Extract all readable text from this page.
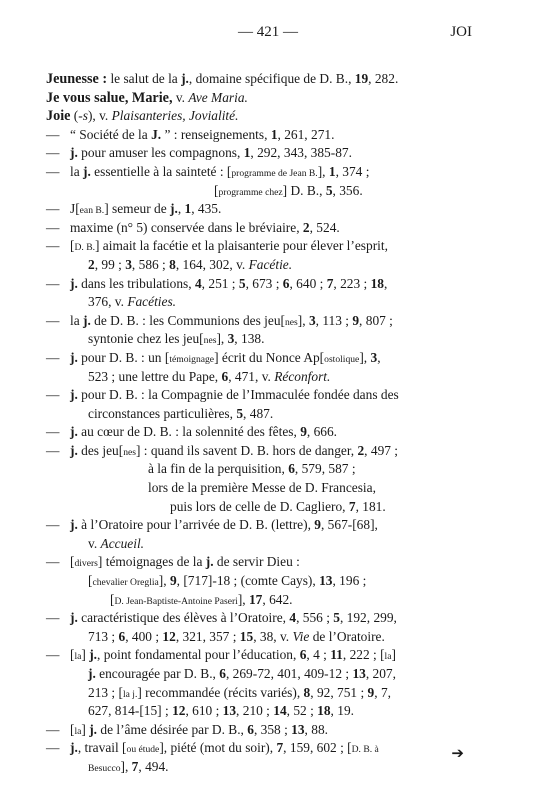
— 421 —	JOI
Jeunesse : le salut de la j., domaine spécifique de D. B., 19, 282.
Je vous salue, Marie, v. Ave Maria.
Joie (-s), v. Plaisanteries, Jovialité.
— “ Société de la J. ” : renseignements, 1, 261, 271.
— j. pour amuser les compagnons, 1, 292, 343, 385-87.
— la j. essentielle à la sainteté : [programme de Jean B.], 1, 374 ;
[programme chez] D. B., 5, 356.
— J[ean B.] semeur de j., 1, 435.
— maxime (n° 5) conservée dans le bréviaire, 2, 524.
— [D. B.] aimait la facétie et la plaisanterie pour élever l’esprit,
2, 99 ; 3, 586 ; 8, 164, 302, v. Facétie.
— j. dans les tribulations, 4, 251 ; 5, 673 ; 6, 640 ; 7, 223 ; 18,
376, v. Facéties.
— la j. de D. B. : les Communions des jeu[nes], 3, 113 ; 9, 807 ;
syntonie chez les jeu[nes], 3, 138.
— j. pour D. B. : un [témoignage] écrit du Nonce Ap[ostolique], 3,
523 ; une lettre du Pape, 6, 471, v. Réconfort.
— j. pour D. B. : la Compagnie de l’Immaculée fondée dans des
circonstances particulières, 5, 487.
— j. au cœur de D. B. : la solennité des fêtes, 9, 666.
— j. des jeu[nes] : quand ils savent D. B. hors de danger, 2, 497 ;
à la fin de la perquisition, 6, 579, 587 ;
lors de la première Messe de D. Francesia,
puis lors de celle de D. Cagliero, 7, 181.
— j. à l’Oratoire pour l’arrivée de D. B. (lettre), 9, 567-[68],
v. Accueil.
— [divers] témoignages de la j. de servir Dieu :
[chevalier Oreglia], 9, [717]-18 ; (comte Cays), 13, 196 ;
[D. Jean-Baptiste-Antoine Paseri], 17, 642.
— j. caractéristique des élèves à l’Oratoire, 4, 556 ; 5, 192, 299,
713 ; 6, 400 ; 12, 321, 357 ; 15, 38, v. Vie de l’Oratoire.
— [la] j., point fondamental pour l’éducation, 6, 4 ; 11, 222 ; [la]
j. encouragée par D. B., 6, 269-72, 401, 409-12 ; 13, 207,
213 ; [la j.] recommandée (récits variés), 8, 92, 751 ; 9, 7,
627, 814-[15] ; 12, 610 ; 13, 210 ; 14, 52 ; 18, 19.
— [la] j. de l’âme désirée par D. B., 6, 358 ; 13, 88.
— j., travail [ou étude], piété (mot du soir), 7, 159, 602 ; [D. B. à
Besucco], 7, 494.
➔
